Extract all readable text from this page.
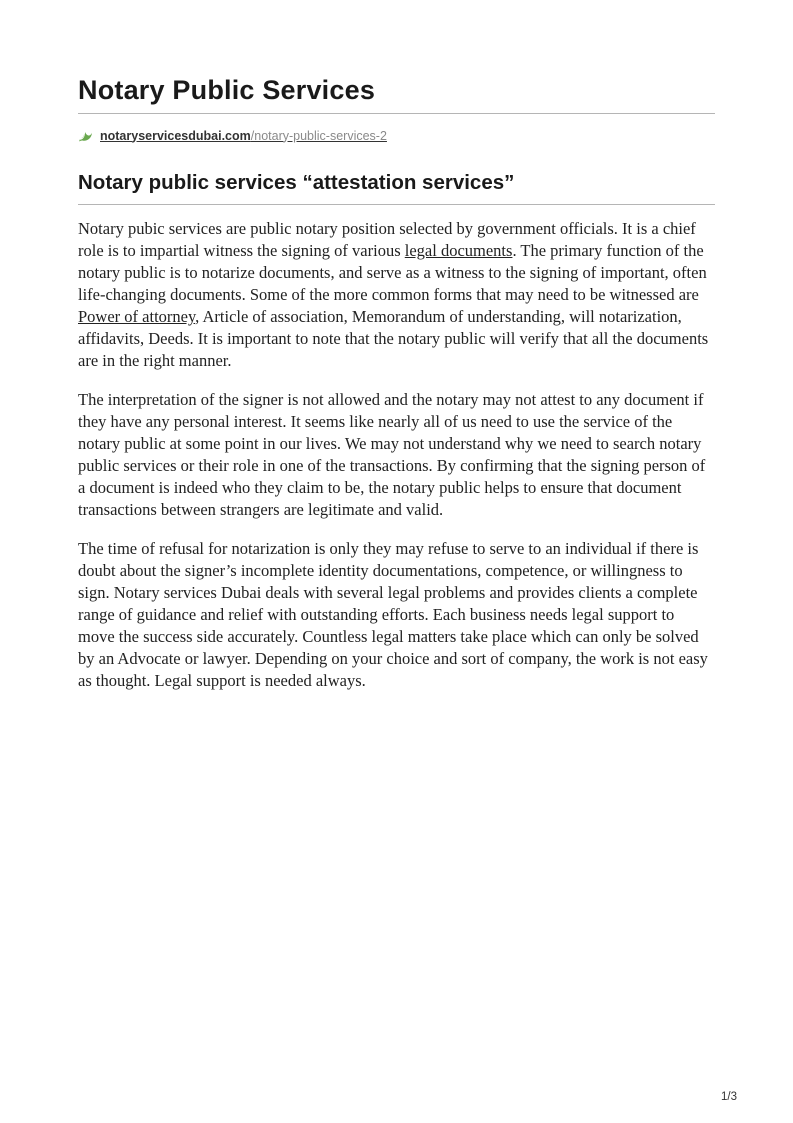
Notary Public Services
notaryservicesdubai.com/notary-public-services-2
Notary public services “attestation services”

Notary pubic services are public notary position selected by government officials. It is a chief role is to impartial witness the signing of various legal documents. The primary function of the notary public is to notarize documents, and serve as a witness to the signing of important, often life-changing documents. Some of the more common forms that may need to be witnessed are Power of attorney, Article of association, Memorandum of understanding, will notarization, affidavits, Deeds. It is important to note that the notary public will verify that all the documents are in the right manner.

The interpretation of the signer is not allowed and the notary may not attest to any document if they have any personal interest. It seems like nearly all of us need to use the service of the notary public at some point in our lives. We may not understand why we need to search notary public services or their role in one of the transactions. By confirming that the signing person of a document is indeed who they claim to be, the notary public helps to ensure that document transactions between strangers are legitimate and valid.

The time of refusal for notarization is only they may refuse to serve to an individual if there is doubt about the signer’s incomplete identity documentations, competence, or willingness to sign. Notary services Dubai deals with several legal problems and provides clients a complete range of guidance and relief with outstanding efforts. Each business needs legal support to move the success side accurately. Countless legal matters take place which can only be solved by an Advocate or lawyer. Depending on your choice and sort of company, the work is not easy as thought. Legal support is needed always.

1/3
